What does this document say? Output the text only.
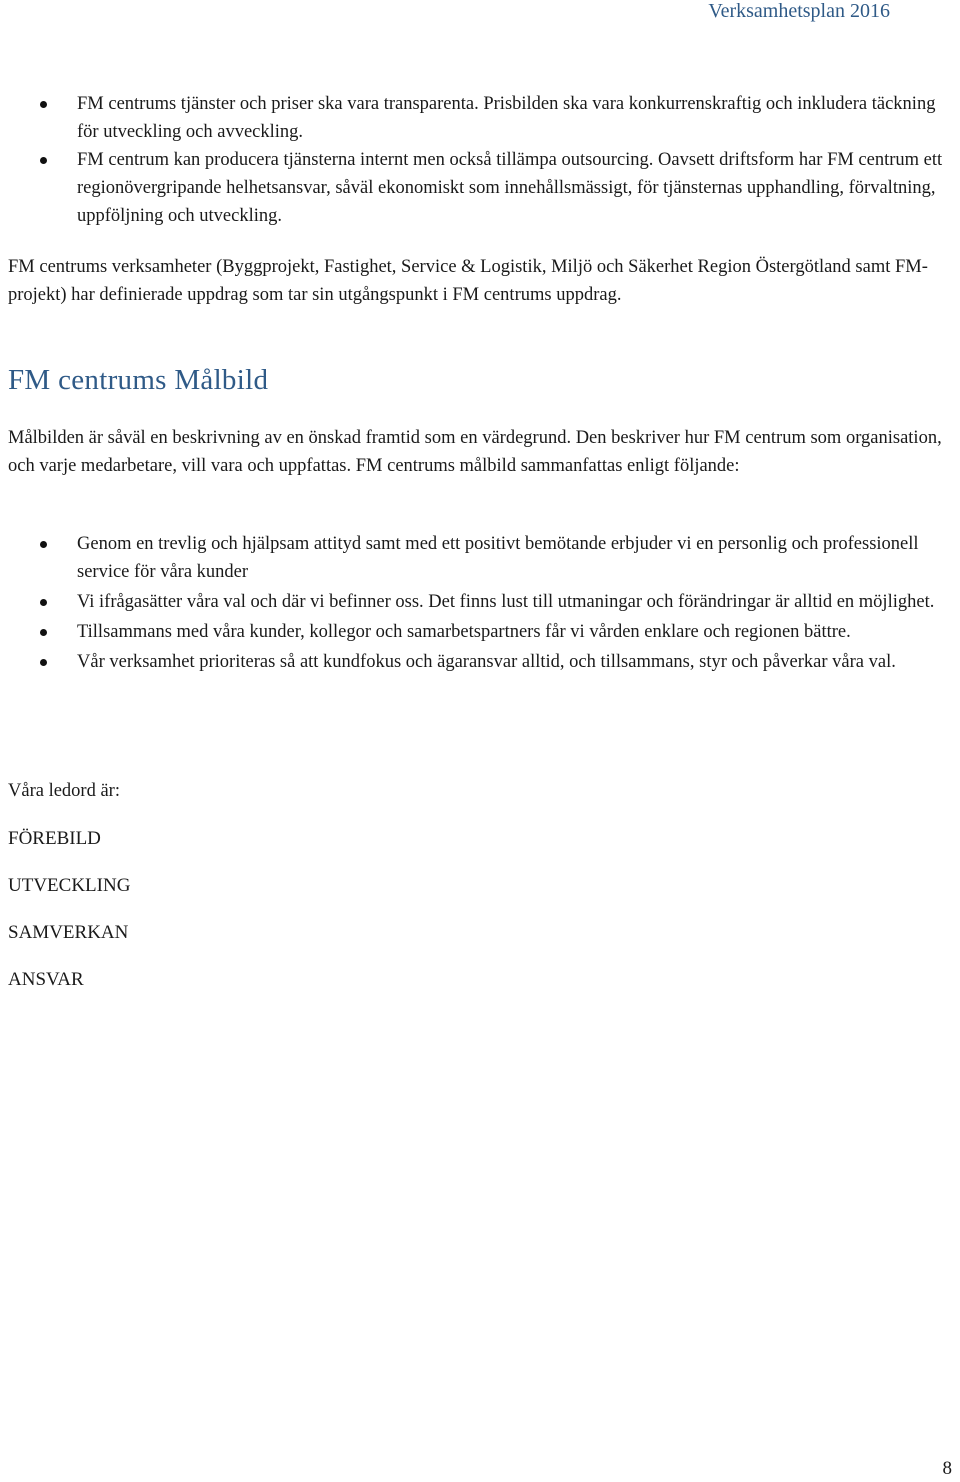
Verksamhetsplan 2016
FM centrums tjänster och priser ska vara transparenta. Prisbilden ska vara konkurrenskraftig och inkludera täckning för utveckling och avveckling.
FM centrum kan producera tjänsterna internt men också tillämpa outsourcing. Oavsett driftsform har FM centrum ett regionövergripande helhetsansvar, såväl ekonomiskt som innehållsmässigt, för tjänsternas upphandling, förvaltning, uppföljning och utveckling.

FM centrums verksamheter (Byggprojekt, Fastighet, Service & Logistik, Miljö och Säkerhet Region Östergötland samt FM-projekt) har definierade uppdrag som tar sin utgångspunkt i FM centrums uppdrag.

FM centrums Målbild

Målbilden är såväl en beskrivning av en önskad framtid som en värdegrund. Den beskriver hur FM centrum som organisation, och varje medarbetare, vill vara och uppfattas. FM centrums målbild sammanfattas enligt följande:

Genom en trevlig och hjälpsam attityd samt med ett positivt bemötande erbjuder vi en personlig och professionell service för våra kunder
Vi ifrågasätter våra val och där vi befinner oss. Det finns lust till utmaningar och förändringar är alltid en möjlighet.
Tillsammans med våra kunder, kollegor och samarbetspartners får vi vården enklare och regionen bättre.
Vår verksamhet prioriteras så att kundfokus och ägaransvar alltid, och tillsammans, styr och påverkar våra val.

Våra ledord är:

FÖREBILD

UTVECKLING

SAMVERKAN

ANSVAR

8
